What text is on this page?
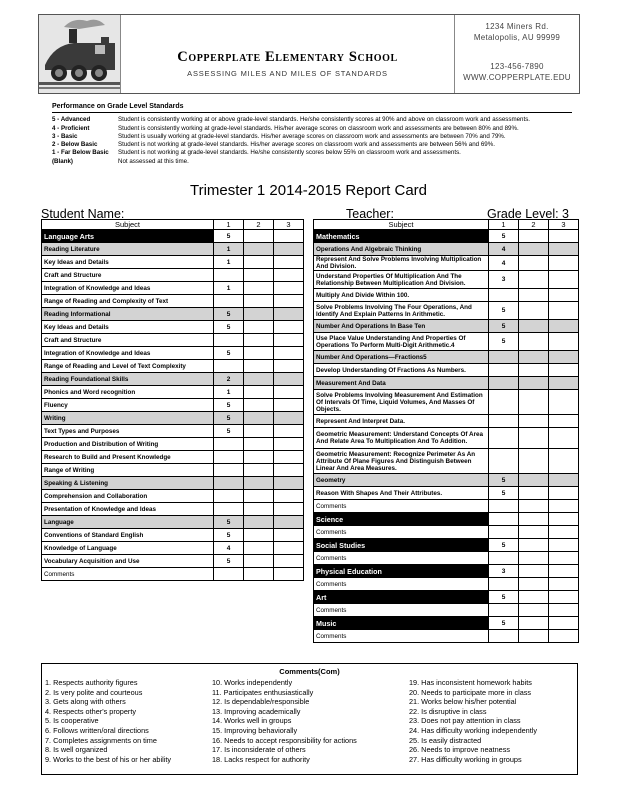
Copperplate Elementary School
ASSESSING MILES AND MILES OF STANDARDS
1234 Miners Rd.
Metalopolis, AU 99999
123-456-7890
WWW.COPPERPLATE.EDU
Performance on Grade Level Standards
5 - Advanced	Student is consistently working at or above grade-level standards. He/she consistently scores at 90% and above on classroom work and assessments.
4 - Proficient	Student is consistently working at grade-level standards. His/her average scores on classroom work and assessments are between 80% and 89%.
3 - Basic	Student is usually working at grade-level standards. His/her average scores on classroom work and assessments are between 70% and 79%.
2 - Below Basic	Student is not working at grade-level standards. His/her average scores on classroom work and assessments are between 56% and 69%.
1 - Far Below Basic	Student is not working at grade-level standards. He/she consistently scores below 55% on classroom work and assessments.
(Blank)	Not assessed at this time.
Trimester 1 2014-2015 Report Card
Student Name:	Teacher:	Grade Level: 3
Subject	1	2	3
Language Arts	5		
Reading Literature	1		
Key Ideas and Details	1		
Craft and Structure			
Integration of Knowledge and Ideas	1		
Range of Reading and Complexity of Text			
Reading Informational	5		
Key Ideas and Details	5		
Craft and Structure			
Integration of Knowledge and Ideas	5		
Range of Reading and Level of Text Complexity			
Reading Foundational Skills	2		
Phonics and Word recognition	1		
Fluency	5		
Writing	5		
Text Types and Purposes	5		
Production and Distribution of Writing			
Research to Build and Present Knowledge			
Range of Writing			
Speaking & Listening			
Comprehension and Collaboration			
Presentation of Knowledge and Ideas			
Language	5		
Conventions of Standard English	5		
Knowledge of Language	4		
Vocabulary Acquisition and Use	5		
Comments			
Subject	1	2	3
Mathematics	5		
Operations And Algebraic Thinking	4		
Represent And Solve Problems Involving Multiplication And Division.	4		
Understand Properties Of Multiplication And The Relationship Between Multiplication And Division.	3		
Multiply And Divide Within 100.			
Solve Problems Involving The Four Operations, And Identify And Explain Patterns In Arithmetic.	5		
Number And Operations In Base Ten	5		
Use Place Value Understanding And Properties Of Operations To Perform Multi-Digit Arithmetic.4	5		
Number And Operations—Fractions5			
Develop Understanding Of Fractions As Numbers.			
Measurement And Data			
Solve Problems Involving Measurement And Estimation Of Intervals Of Time, Liquid Volumes, And Masses Of Objects.			
Represent And Interpret Data.			
Geometric Measurement: Understand Concepts Of Area And Relate Area To Multiplication And To Addition.			
Geometric Measurement: Recognize Perimeter As An Attribute Of Plane Figures And Distinguish Between Linear And Area Measures.			
Geometry	5		
Reason With Shapes And Their Attributes.	5		
Comments			
Science			
Comments			
Social Studies	5		
Comments			
Physical Education	3		
Comments			
Art	5		
Comments			
Music	5		
Comments			
Comments(Com)
1. Respects authority figures
2. Is very polite and courteous
3. Gets along with others
4. Respects other's property
5. Is cooperative
6. Follows written/oral directions
7. Completes assignments on time
8. Is well organized
9. Works to the best of his or her ability
10. Works independently
11. Participates enthusiastically
12. Is dependable/responsible
13. Improving academically
14. Works well in groups
15. Improving behaviorally
16. Needs to accept responsibility for actions
17. Is inconsiderate of others
18. Lacks respect for authority
19. Has inconsistent homework habits
20. Needs to participate more in class
21. Works below his/her potential
22. Is disruptive in class
23. Does not pay attention in class
24. Has difficulty working independently
25. Is easily distracted
26. Needs to improve neatness
27. Has difficulty working in groups
